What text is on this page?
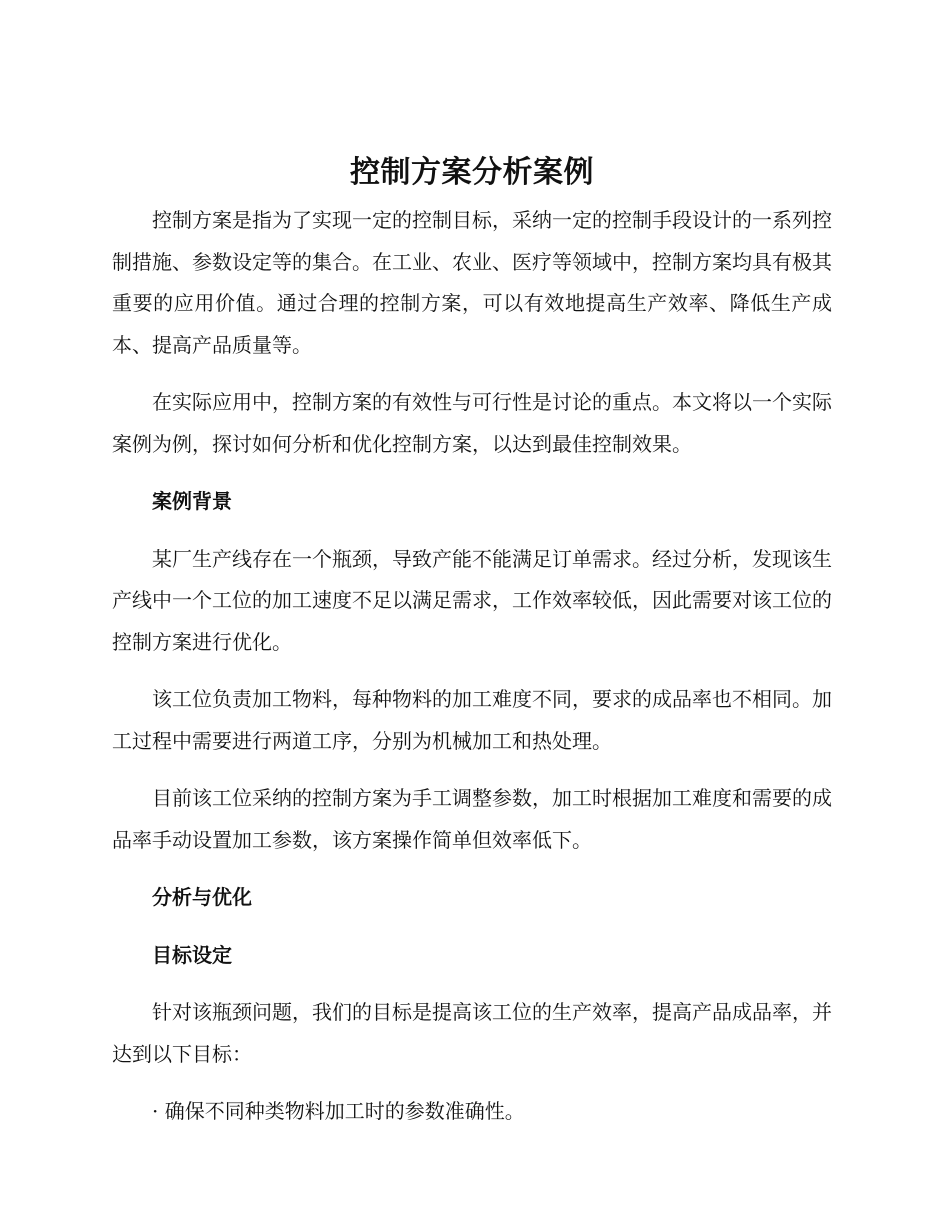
控制方案分析案例

控制方案是指为了实现一定的控制目标，采纳一定的控制手段设计的一系列控制措施、参数设定等的集合。在工业、农业、医疗等领域中，控制方案均具有极其重要的应用价值。通过合理的控制方案，可以有效地提高生产效率、降低生产成本、提高产品质量等。

在实际应用中，控制方案的有效性与可行性是讨论的重点。本文将以一个实际案例为例，探讨如何分析和优化控制方案，以达到最佳控制效果。

案例背景

某厂生产线存在一个瓶颈，导致产能不能满足订单需求。经过分析，发现该生产线中一个工位的加工速度不足以满足需求，工作效率较低，因此需要对该工位的控制方案进行优化。

该工位负责加工物料，每种物料的加工难度不同，要求的成品率也不相同。加工过程中需要进行两道工序，分别为机械加工和热处理。

目前该工位采纳的控制方案为手工调整参数，加工时根据加工难度和需要的成品率手动设置加工参数，该方案操作简单但效率低下。

分析与优化

目标设定

针对该瓶颈问题，我们的目标是提高该工位的生产效率，提高产品成品率，并达到以下目标：

· 确保不同种类物料加工时的参数准确性。
